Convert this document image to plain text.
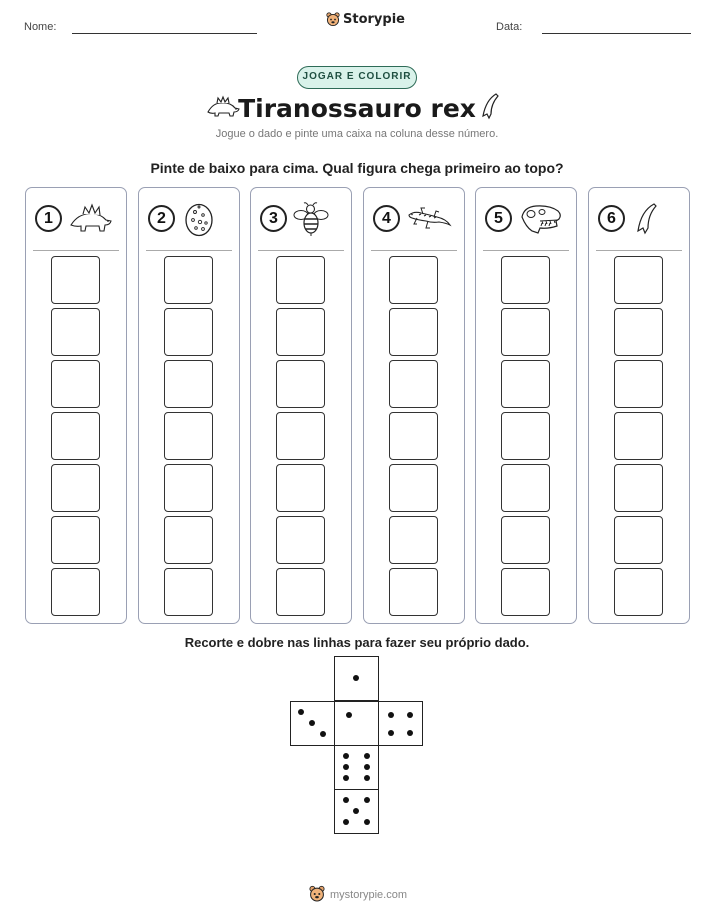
Nome:	Storypie	Data:
JOGAR E COLORIR
Tiranossauro rex
Jogue o dado e pinte uma caixa na coluna desse número.
Pinte de baixo para cima. Qual figura chega primeiro ao topo?
1	2	3	4	5	6
Recorte e dobre nas linhas para fazer seu próprio dado.
mystorypie.com
